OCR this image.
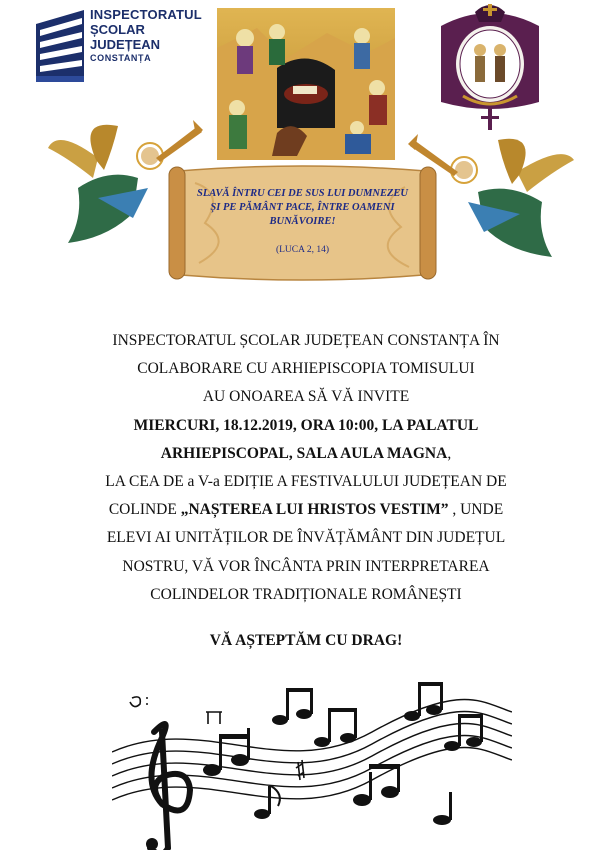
INSPECTORATUL
ȘCOLAR
JUDEȚEAN
CONSTANȚA
SLAVĂ ÎNTRU CEI DE SUS LUI DUMNEZEU ȘI PE PĂMÂNT PACE, ÎNTRE OAMENI BUNĂVOIRE!
(LUCA 2, 14)

INSPECTORATUL ȘCOLAR JUDEȚEAN CONSTANȚA ÎN

COLABORARE CU ARHIEPISCOPIA TOMISULUI

AU ONOAREA SĂ VĂ INVITE

MIERCURI, 18.12.2019, ORA 10:00, LA PALATUL

ARHIEPISCOPAL, SALA AULA MAGNA,

LA CEA DE a V-a EDIȚIE A FESTIVALULUI JUDEȚEAN DE

COLINDE „NAȘTEREA LUI HRISTOS VESTIM” , UNDE

ELEVI AI UNITĂȚILOR DE ÎNVĂȚĂMÂNT DIN JUDEȚUL

NOSTRU, VĂ VOR ÎNCÂNTA PRIN INTERPRETAREA

COLINDELOR TRADIȚIONALE ROMÂNEȘTI

VĂ AȘTEPTĂM CU DRAG!
